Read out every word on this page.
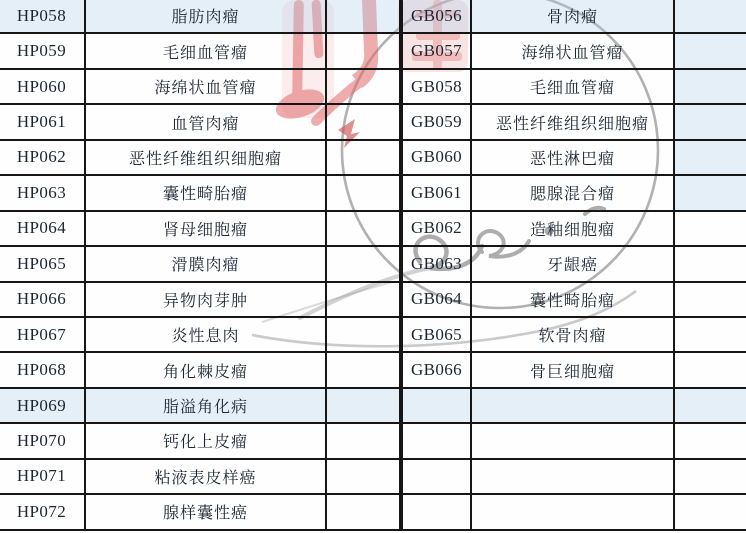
HP058	脂肪肉瘤	
HP059	毛细血管瘤	
HP060	海绵状血管瘤	
HP061	血管肉瘤	
HP062	恶性纤维组织细胞瘤	
HP063	囊性畸胎瘤	
HP064	肾母细胞瘤	
HP065	滑膜肉瘤	
HP066	异物肉芽肿	
HP067	炎性息肉	
HP068	角化棘皮瘤	
HP069	脂溢角化病	
HP070	钙化上皮瘤	
HP071	粘液表皮样癌	
HP072	腺样囊性癌	
GB056	骨肉瘤	
GB057	海绵状血管瘤	
GB058	毛细血管瘤	
GB059	恶性纤维组织细胞瘤	
GB060	恶性淋巴瘤	
GB061	腮腺混合瘤	
GB062	造釉细胞瘤	
GB063	牙龈癌	
GB064	囊性畸胎瘤	
GB065	软骨肉瘤	
GB066	骨巨细胞瘤	
